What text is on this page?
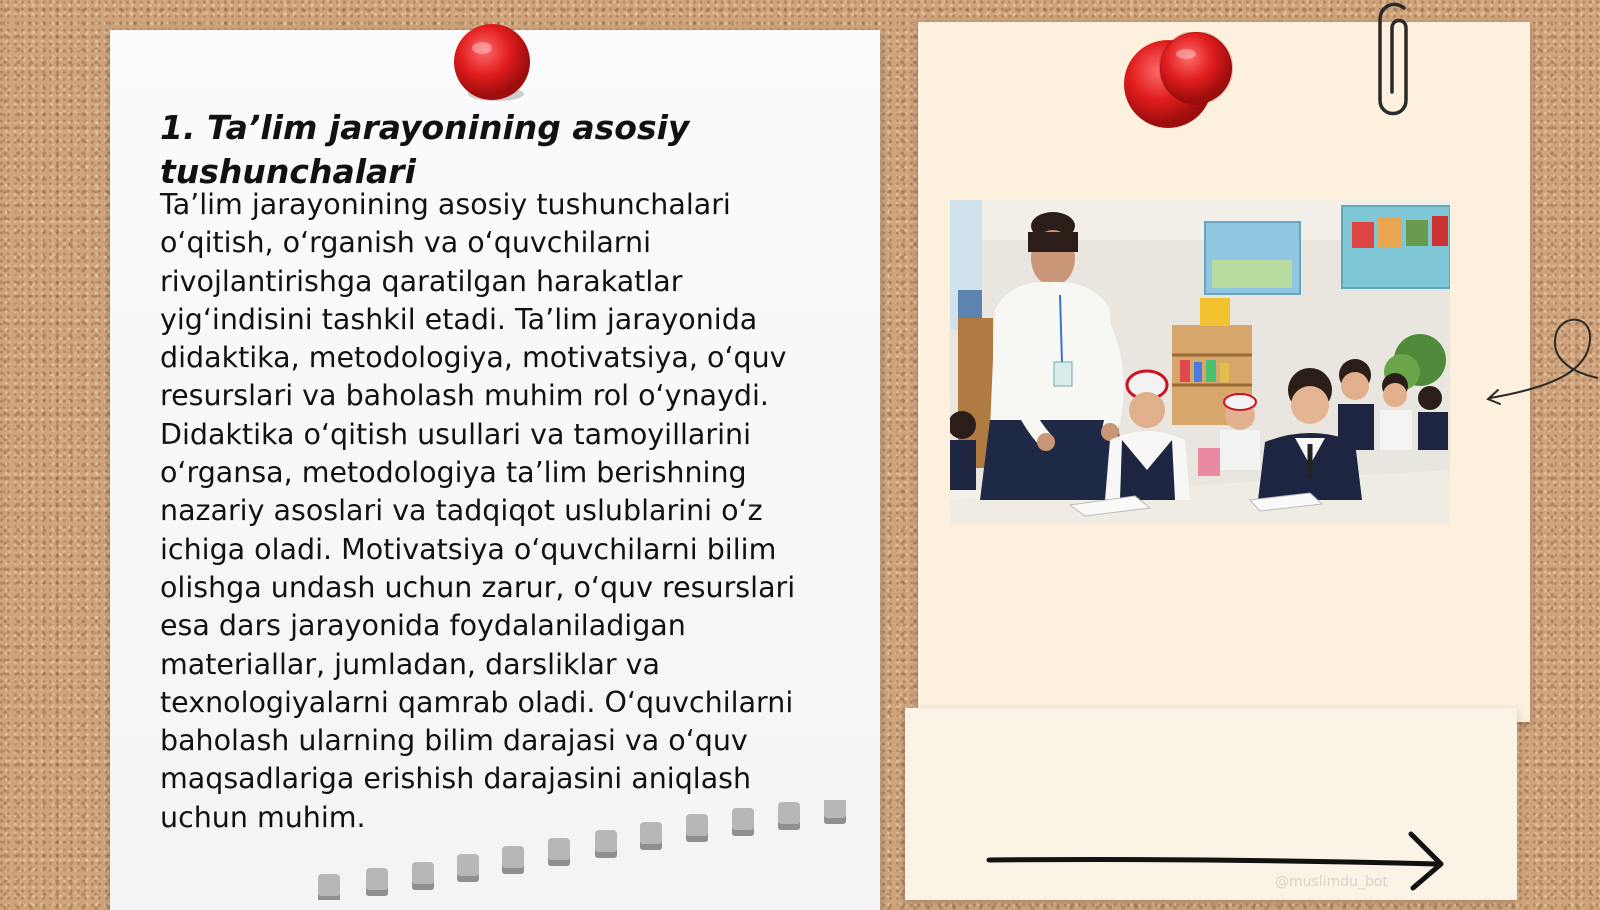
1. Ta’lim jarayonining asosiy tushunchalari

Ta’lim jarayonining asosiy tushunchalari o‘qitish, o‘rganish va o‘quvchilarni rivojlantirishga qaratilgan harakatlar yig‘indisini tashkil etadi. Ta’lim jarayonida didaktika, metodologiya, motivatsiya, o‘quv resurslari va baholash muhim rol o‘ynaydi. Didaktika o‘qitish usullari va tamoyillarini o‘rgansa, metodologiya ta’lim berishning nazariy asoslari va tadqiqot uslublarini o‘z ichiga oladi. Motivatsiya o‘quvchilarni bilim olishga undash uchun zarur, o‘quv resurslari esa dars jarayonida foydalaniladigan materiallar, jumladan, darsliklar va texnologiyalarni qamrab oladi. O‘quvchilarni baholash ularning bilim darajasi va o‘quv maqsadlariga erishish darajasini aniqlash uchun muhim.

@muslimdu_bot
